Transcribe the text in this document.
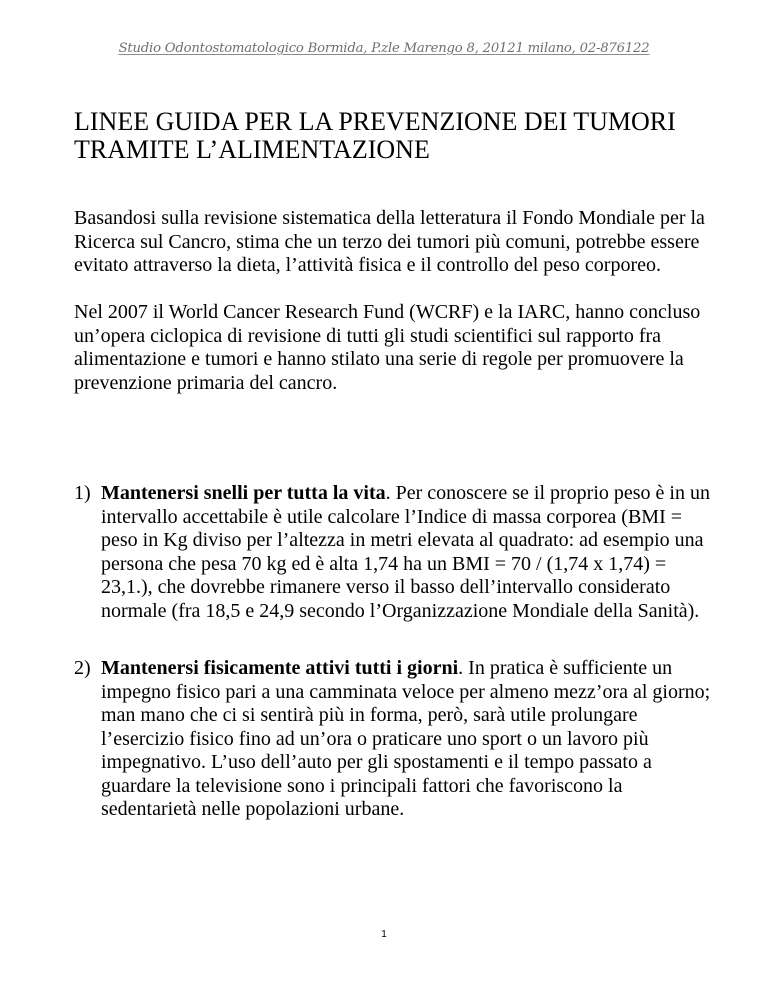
Studio Odontostomatologico Bormida, P.zle Marengo 8, 20121 milano, 02-876122
LINEE GUIDA PER LA PREVENZIONE DEI TUMORI
TRAMITE L’ALIMENTAZIONE

Basandosi sulla revisione sistematica della letteratura il Fondo Mondiale per la Ricerca sul Cancro, stima che un terzo dei tumori più comuni, potrebbe essere evitato attraverso la dieta, l’attività fisica e il controllo del peso corporeo.

Nel 2007 il World Cancer Research Fund (WCRF) e la IARC, hanno concluso un’opera ciclopica di revisione di tutti gli studi scientifici sul rapporto fra alimentazione e tumori e hanno stilato una serie di regole per promuovere la prevenzione primaria del cancro.

1) Mantenersi snelli per tutta la vita. Per conoscere se il proprio peso è in un intervallo accettabile è utile calcolare l’Indice di massa corporea (BMI = peso in Kg diviso per l’altezza in metri elevata al quadrato: ad esempio una persona che pesa 70 kg ed è alta 1,74 ha un BMI = 70 / (1,74 x 1,74) = 23,1.), che dovrebbe rimanere verso il basso dell’intervallo considerato normale (fra 18,5 e 24,9 secondo l’Organizzazione Mondiale della Sanità).
2) Mantenersi fisicamente attivi tutti i giorni. In pratica è sufficiente un impegno fisico pari a una camminata veloce per almeno mezz’ora al giorno; man mano che ci si sentirà più in forma, però, sarà utile prolungare l’esercizio fisico fino ad un’ora o praticare uno sport o un lavoro più impegnativo. L’uso dell’auto per gli spostamenti e il tempo passato a guardare la televisione sono i principali fattori che favoriscono la sedentarietà nelle popolazioni urbane.
1
